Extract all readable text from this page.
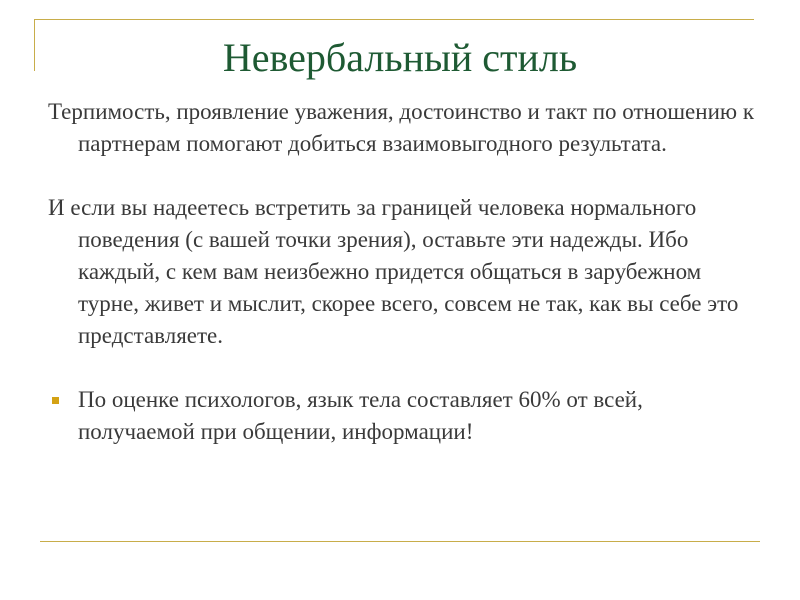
Невербальный стиль

Терпимость, проявление уважения, достоинство и такт по отношению к партнерам помогают добиться взаимовыгодного результата.

И если вы надеетесь встретить за границей человека нормального поведения (с вашей точки зрения), оставьте эти надежды. Ибо каждый, с кем вам неизбежно придется общаться в зарубежном турне, живет и мыслит, скорее всего, совсем не так, как вы себе это представляете.

По оценке психологов, язык тела составляет 60% от всей, получаемой при общении, информации!
